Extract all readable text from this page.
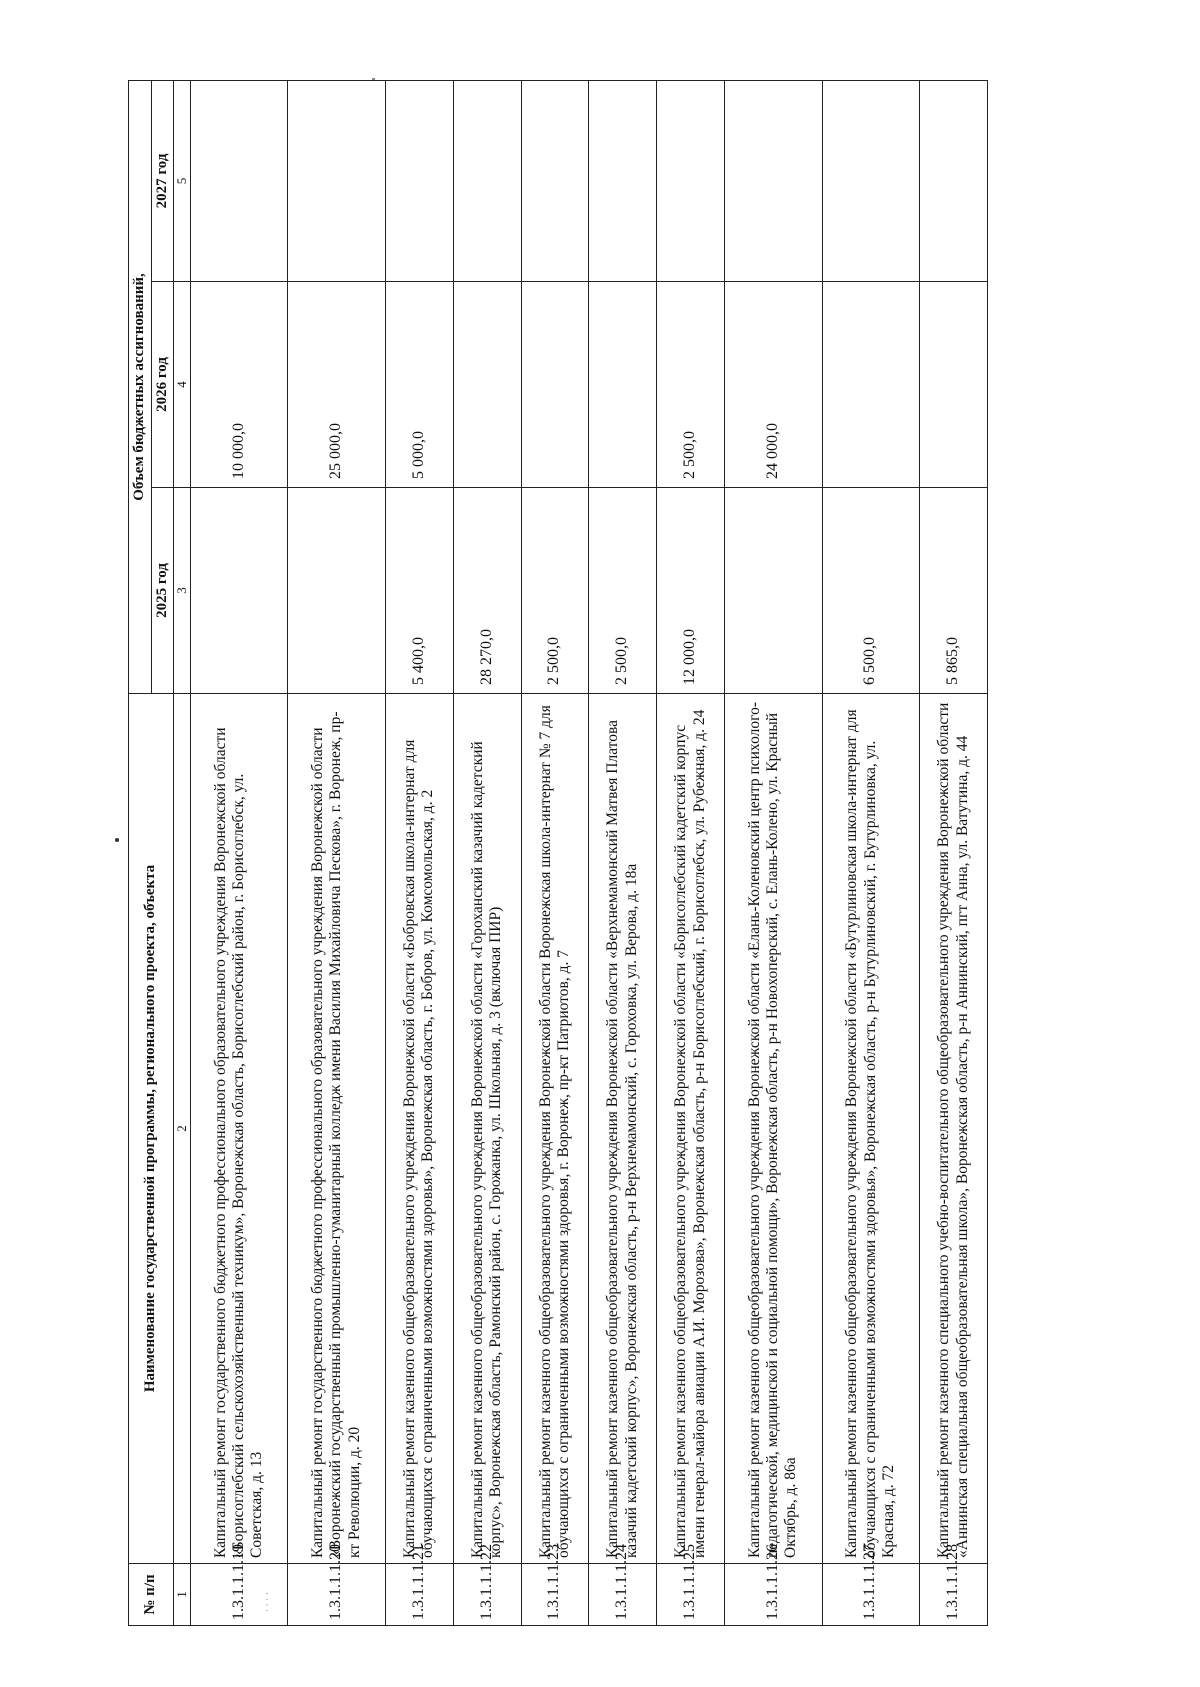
№ п/п	Наименование государственной программы, регионального проекта, объекта	Объем бюджетных ассигнований,		
		2025 год	2026 год	2027 год
1	2	3	4	5
1.3.1.1.1.19	Капитальный ремонт государственного бюджетного профессионального образовательного учреждения Воронежской области «Борисоглебский сельскохозяйственный техникум», Воронежская область, Борисоглебский район, г. Борисоглебск, ул. Советская, д. 13		10 000,0	
1.3.1.1.1.20	Капитальный ремонт государственного бюджетного профессионального образовательного учреждения Воронежской области «Воронежский государственный промышленно-гуманитарный колледж имени Василия Михайловича Пескова», г. Воронеж, пр-кт Революции, д. 20		25 000,0	
1.3.1.1.1.21	Капитальный ремонт казенного общеобразовательного учреждения Воронежской области «Бобровская школа-интернат для обучающихся с ограниченными возможностями здоровья», Воронежская область, г. Бобров, ул. Комсомольская, д. 2	5 400,0	5 000,0	
1.3.1.1.1.22	Капитальный ремонт казенного общеобразовательного учреждения Воронежской области «Гороханский казачий кадетский корпус», Воронежская область, Рамонский район, с. Горожанка, ул. Школьная, д. 3 (включая ПИР)	28 270,0		
1.3.1.1.1.23	Капитальный ремонт казенного общеобразовательного учреждения Воронежской области Воронежская школа-интернат № 7 для обучающихся с ограниченными возможностями здоровья, г. Воронеж, пр-кт Патриотов, д. 7	2 500,0		
1.3.1.1.1.24	Капитальный ремонт казенного общеобразовательного учреждения Воронежской области «Верхнемамонский Матвея Платова казачий кадетский корпус», Воронежская область, р-н Верхнемамонский, с. Гороховка, ул. Верова, д. 18а	2 500,0		
1.3.1.1.1.25	Капитальный ремонт казенного общеобразовательного учреждения Воронежской области «Борисоглебский кадетский корпус имени генерал-майора авиации А.И. Морозова», Воронежская область, р-н Борисоглебский, г. Борисоглебск, ул. Рубежная, д. 24	12 000,0	2 500,0	
1.3.1.1.1.26	Капитальный ремонт казенного общеобразовательного учреждения Воронежской области «Елань-Коленовский центр психолого-педагогической, медицинской и социальной помощи», Воронежская область, р-н Новохоперский, с. Елань-Колено, ул. Красный Октябрь, д. 86а		24 000,0	
1.3.1.1.1.27	Капитальный ремонт казенного общеобразовательного учреждения Воронежской области «Бутурлиновская школа-интернат для обучающихся с ограниченными возможностями здоровья», Воронежская область, р-н Бутурлиновский, г. Бутурлиновка, ул. Красная, д. 72	6 500,0		
1.3.1.1.1.28	Капитальный ремонт казенного специального учебно-воспитательного общеобразовательного учреждения Воронежской области «Аннинская специальная общеобразовательная школа», Воронежская область, р-н Аннинский, пгт Анна, ул. Ватутина, д. 44	5 865,0		
· · · ·
